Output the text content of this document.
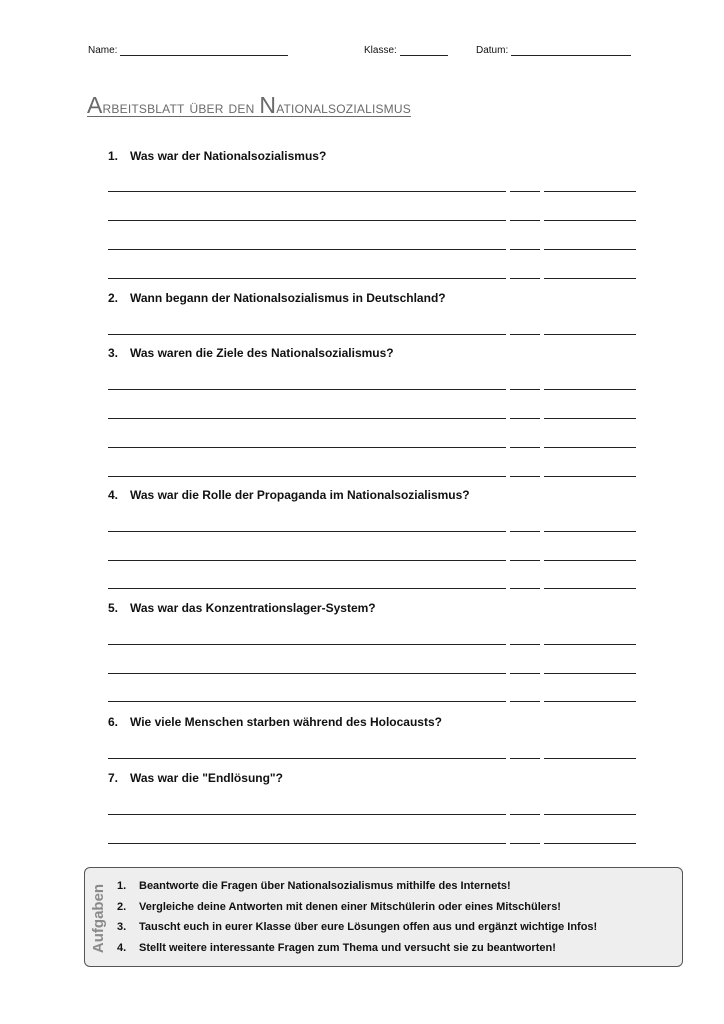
Name:	Klasse:	Datum:
Arbeitsblatt über den Nationalsozialismus
1. Was war der Nationalsozialismus?
2. Wann begann der Nationalsozialismus in Deutschland?
3. Was waren die Ziele des Nationalsozialismus?
4. Was war die Rolle der Propaganda im Nationalsozialismus?
5. Was war das Konzentrationslager-System?
6. Wie viele Menschen starben während des Holocausts?
7. Was war die "Endlösung"?
Aufgaben 1. Beantworte die Fragen über Nationalsozialismus mithilfe des Internets!
2. Vergleiche deine Antworten mit denen einer Mitschülerin oder eines Mitschülers!
3. Tauscht euch in eurer Klasse über eure Lösungen offen aus und ergänzt wichtige Infos!
4. Stellt weitere interessante Fragen zum Thema und versucht sie zu beantworten!
